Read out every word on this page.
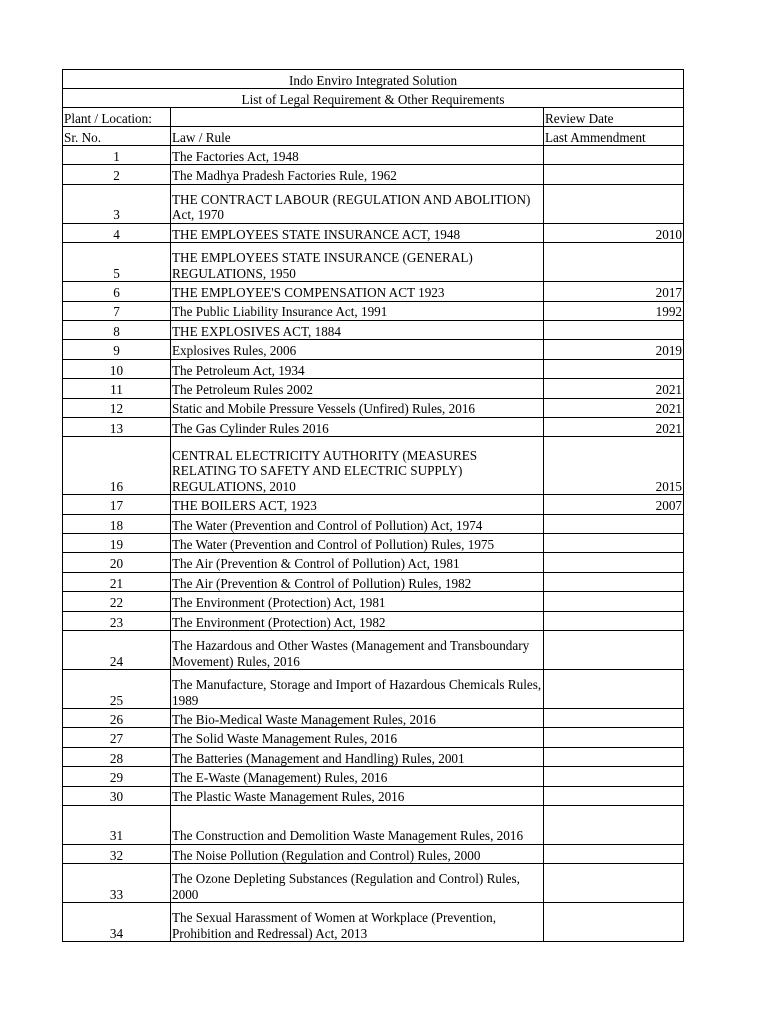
Indo Enviro Integrated Solution		
List of Legal Requirement & Other Requirements		
Plant / Location:		Review Date
Sr. No.	Law / Rule	Last Ammendment
1	The Factories Act, 1948	
2	The Madhya Pradesh Factories Rule, 1962	
3	THE CONTRACT LABOUR (REGULATION AND ABOLITION) Act, 1970	
4	THE EMPLOYEES STATE INSURANCE ACT, 1948	2010
5	THE EMPLOYEES STATE INSURANCE (GENERAL) REGULATIONS, 1950	
6	THE EMPLOYEE'S COMPENSATION ACT 1923	2017
7	The Public Liability Insurance Act, 1991	1992
8	THE EXPLOSIVES ACT, 1884	
9	Explosives Rules, 2006	2019
10	The Petroleum Act, 1934	
11	The Petroleum Rules 2002	2021
12	Static and Mobile Pressure Vessels (Unfired) Rules, 2016	2021
13	The Gas Cylinder Rules 2016	2021
16	CENTRAL ELECTRICITY AUTHORITY (MEASURES RELATING TO SAFETY AND ELECTRIC SUPPLY) REGULATIONS, 2010	2015
17	THE BOILERS ACT, 1923	2007
18	The Water (Prevention and Control of Pollution) Act, 1974	
19	The Water (Prevention and Control of Pollution) Rules, 1975	
20	The Air (Prevention & Control of Pollution) Act, 1981	
21	The Air (Prevention & Control of Pollution) Rules, 1982	
22	The Environment (Protection) Act, 1981	
23	The Environment (Protection) Act, 1982	
24	The Hazardous and Other Wastes (Management and Transboundary Movement) Rules, 2016	
25	The Manufacture, Storage and Import of Hazardous Chemicals Rules, 1989	
26	The Bio-Medical Waste Management Rules, 2016	
27	The Solid Waste Management Rules, 2016	
28	The Batteries (Management and Handling) Rules, 2001	
29	The E-Waste (Management) Rules, 2016	
30	The Plastic Waste Management Rules, 2016	
31	The Construction and Demolition Waste Management Rules, 2016	
32	The Noise Pollution (Regulation and Control) Rules, 2000	
33	The Ozone Depleting Substances (Regulation and Control) Rules, 2000	
34	The Sexual Harassment of Women at Workplace (Prevention, Prohibition and Redressal) Act, 2013	
